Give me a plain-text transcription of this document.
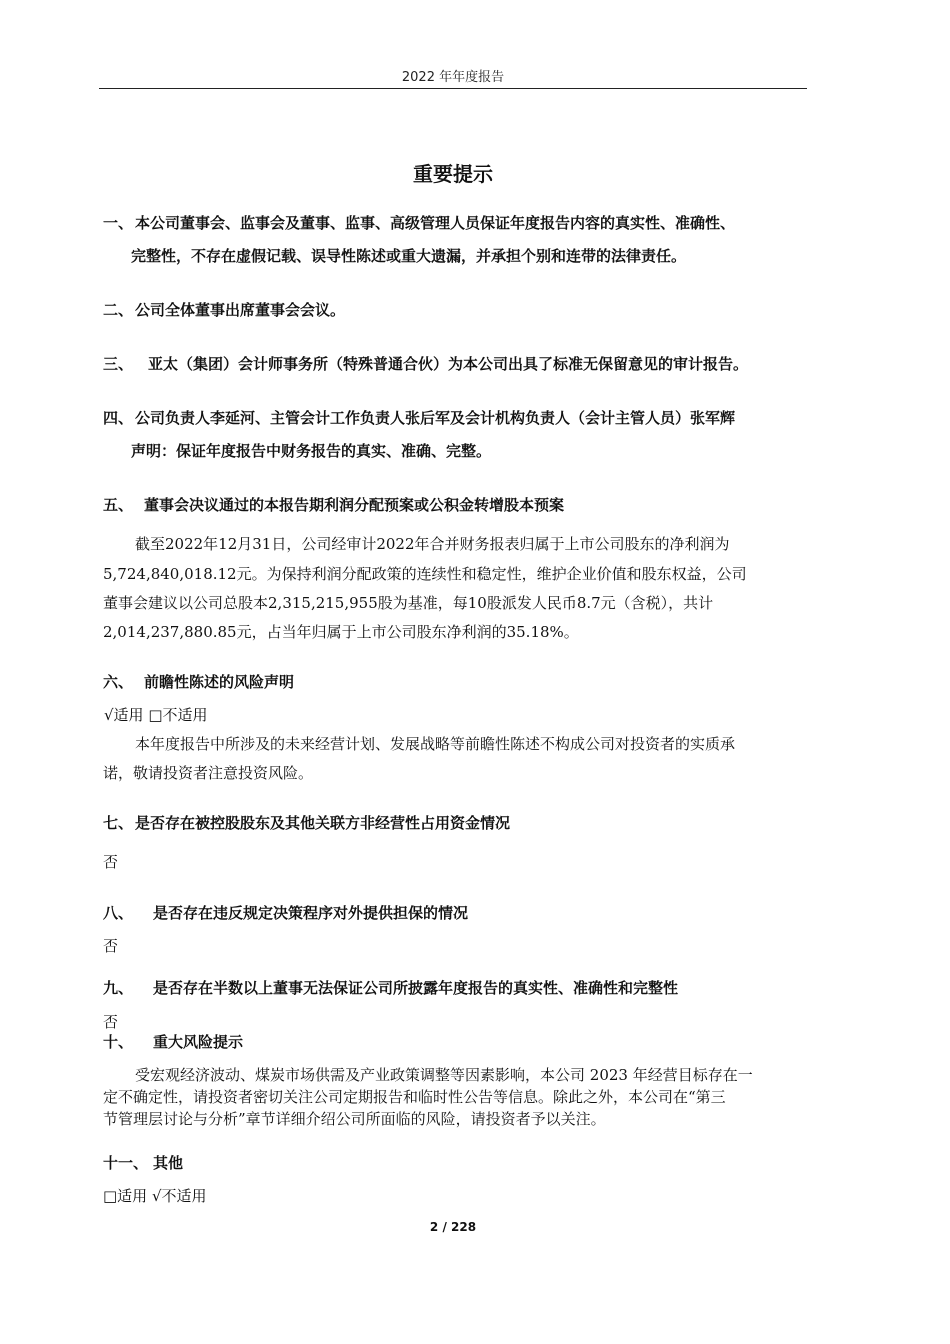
2022 年年度报告
重要提示
一、 本公司董事会、监事会及董事、监事、高级管理人员保证年度报告内容的真实性、准确性、
完整性，不存在虚假记载、误导性陈述或重大遗漏，并承担个别和连带的法律责任。
二、 公司全体董事出席董事会会议。
三、 亚太（集团）会计师事务所（特殊普通合伙）为本公司出具了标准无保留意见的审计报告。
四、 公司负责人李延河、主管会计工作负责人张后军及会计机构负责人（会计主管人员）张军辉
声明：保证年度报告中财务报告的真实、准确、完整。
五、 董事会决议通过的本报告期利润分配预案或公积金转增股本预案
截至2022年12月31日，公司经审计2022年合并财务报表归属于上市公司股东的净利润为
5,724,840,018.12元。为保持利润分配政策的连续性和稳定性，维护企业价值和股东权益，公司
董事会建议以公司总股本2,315,215,955股为基准，每10股派发人民币8.7元（含税），共计
2,014,237,880.85元，占当年归属于上市公司股东净利润的35.18%。
六、 前瞻性陈述的风险声明
√适用 □不适用
本年度报告中所涉及的未来经营计划、发展战略等前瞻性陈述不构成公司对投资者的实质承
诺，敬请投资者注意投资风险。
七、 是否存在被控股股东及其他关联方非经营性占用资金情况
否
八、 是否存在违反规定决策程序对外提供担保的情况
否
九、 是否存在半数以上董事无法保证公司所披露年度报告的真实性、准确性和完整性
否
十、 重大风险提示
受宏观经济波动、煤炭市场供需及产业政策调整等因素影响，本公司 2023 年经营目标存在一
定不确定性，请投资者密切关注公司定期报告和临时性公告等信息。除此之外，本公司在“第三
节管理层讨论与分析”章节详细介绍公司所面临的风险，请投资者予以关注。
十一、 其他
□适用 √不适用
2 / 228
